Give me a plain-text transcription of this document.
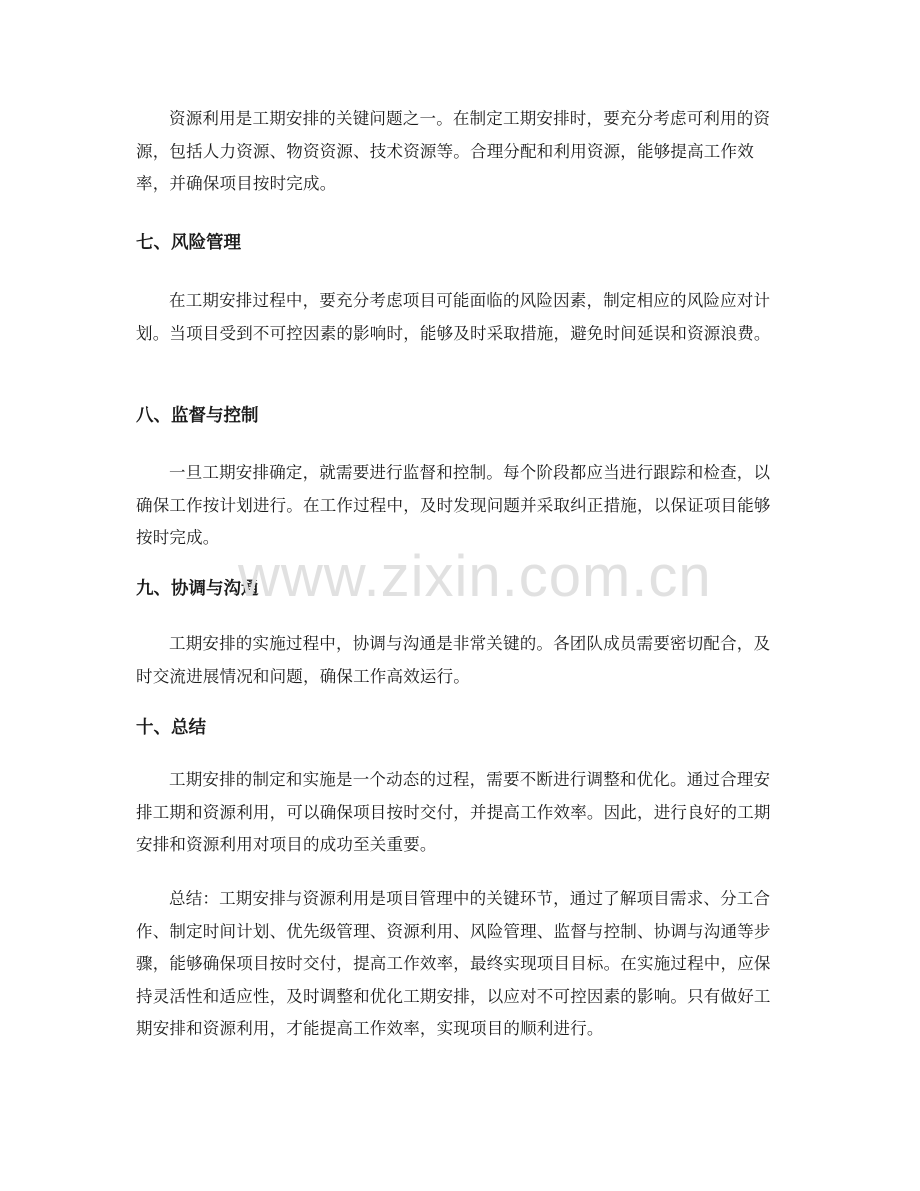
资源利用是工期安排的关键问题之一。在制定工期安排时，要充分考虑可利用的资源，包括人力资源、物资资源、技术资源等。合理分配和利用资源，能够提高工作效率，并确保项目按时完成。

七、风险管理

在工期安排过程中，要充分考虑项目可能面临的风险因素，制定相应的风险应对计划。当项目受到不可控因素的影响时，能够及时采取措施，避免时间延误和资源浪费。

八、监督与控制

一旦工期安排确定，就需要进行监督和控制。每个阶段都应当进行跟踪和检查，以确保工作按计划进行。在工作过程中，及时发现问题并采取纠正措施，以保证项目能够按时完成。

九、协调与沟通

工期安排的实施过程中，协调与沟通是非常关键的。各团队成员需要密切配合，及时交流进展情况和问题，确保工作高效运行。

十、总结

工期安排的制定和实施是一个动态的过程，需要不断进行调整和优化。通过合理安排工期和资源利用，可以确保项目按时交付，并提高工作效率。因此，进行良好的工期安排和资源利用对项目的成功至关重要。

总结：工期安排与资源利用是项目管理中的关键环节，通过了解项目需求、分工合作、制定时间计划、优先级管理、资源利用、风险管理、监督与控制、协调与沟通等步骤，能够确保项目按时交付，提高工作效率，最终实现项目目标。在实施过程中，应保持灵活性和适应性，及时调整和优化工期安排，以应对不可控因素的影响。只有做好工期安排和资源利用，才能提高工作效率，实现项目的顺利进行。

www.zixin.com.cn
